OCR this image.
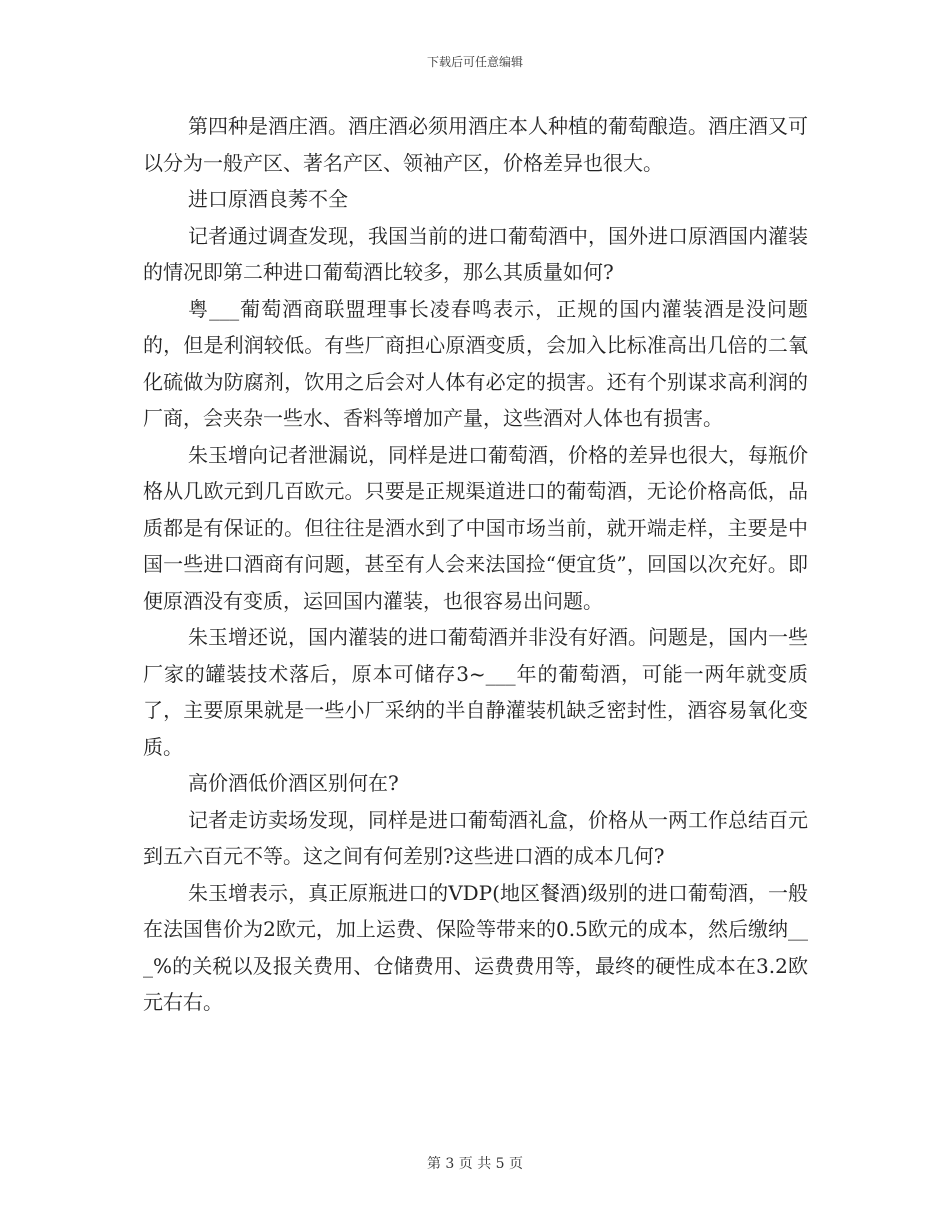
下载后可任意编辑

第四种是酒庄酒。酒庄酒必须用酒庄本人种植的葡萄酿造。酒庄酒又可以分为一般产区、著名产区、领袖产区，价格差异也很大。

进口原酒良莠不全

记者通过调查发现，我国当前的进口葡萄酒中，国外进口原酒国内灌装的情况即第二种进口葡萄酒比较多，那么其质量如何?

粤___葡萄酒商联盟理事长凌春鸣表示，正规的国内灌装酒是没问题的，但是利润较低。有些厂商担心原酒变质，会加入比标准高出几倍的二氧化硫做为防腐剂，饮用之后会对人体有必定的损害。还有个别谋求高利润的厂商，会夹杂一些水、香料等增加产量，这些酒对人体也有损害。

朱玉增向记者泄漏说，同样是进口葡萄酒，价格的差异也很大，每瓶价格从几欧元到几百欧元。只要是正规渠道进口的葡萄酒，无论价格高低，品质都是有保证的。但往往是酒水到了中国市场当前，就开端走样，主要是中国一些进口酒商有问题，甚至有人会来法国捡“便宜货”，回国以次充好。即便原酒没有变质，运回国内灌装，也很容易出问题。

朱玉增还说，国内灌装的进口葡萄酒并非没有好酒。问题是，国内一些厂家的罐装技术落后，原本可储存3~___年的葡萄酒，可能一两年就变质了，主要原果就是一些小厂采纳的半自静灌装机缺乏密封性，酒容易氧化变质。

高价酒低价酒区别何在?

记者走访卖场发现，同样是进口葡萄酒礼盒，价格从一两工作总结百元到五六百元不等。这之间有何差别?这些进口酒的成本几何?

朱玉增表示，真正原瓶进口的VDP(地区餐酒)级别的进口葡萄酒，一般在法国售价为2欧元，加上运费、保险等带来的0.5欧元的成本，然后缴纳___%的关税以及报关费用、仓储费用、运费费用等，最终的硬性成本在3.2欧元右右。

第 3 页 共 5 页
